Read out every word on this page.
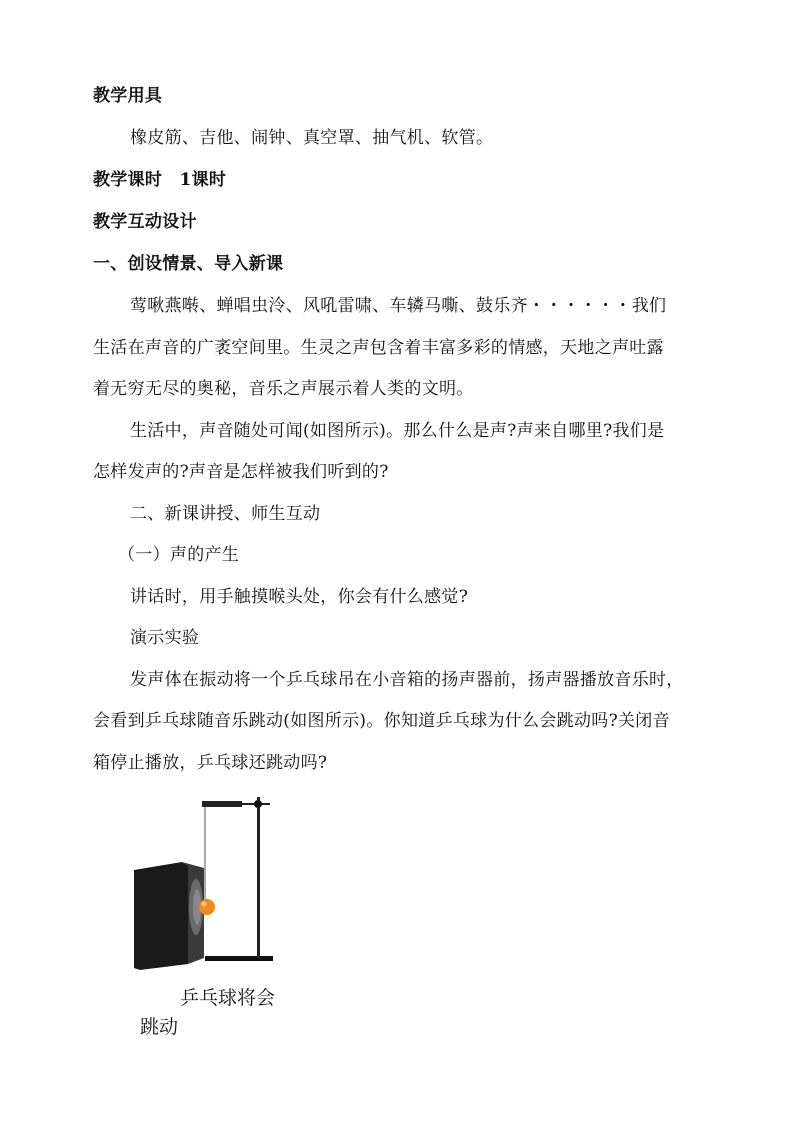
教学用具
橡皮筋、吉他、闹钟、真空罩、抽气机、软管。
教学课时　1课时
教学互动设计
一、创设情景、导入新课
莺啾燕啭、蝉唱虫泠、风吼雷啸、车辚马嘶、鼓乐齐・・・・・・我们
生活在声音的广袤空间里。生灵之声包含着丰富多彩的情感，天地之声吐露
着无穷无尽的奥秘，音乐之声展示着人类的文明。
生活中，声音随处可闻(如图所示)。那么什么是声?声来自哪里?我们是
怎样发声的?声音是怎样被我们听到的?
二、新课讲授、师生互动
（一）声的产生
讲话时，用手触摸喉头处，你会有什么感觉?
演示实验
发声体在振动将一个乒乓球吊在小音箱的扬声器前，扬声器播放音乐时，
会看到乒乓球随音乐跳动(如图所示)。你知道乒乓球为什么会跳动吗?关闭音
箱停止播放，乒乓球还跳动吗?
乒乓球将会
跳动
